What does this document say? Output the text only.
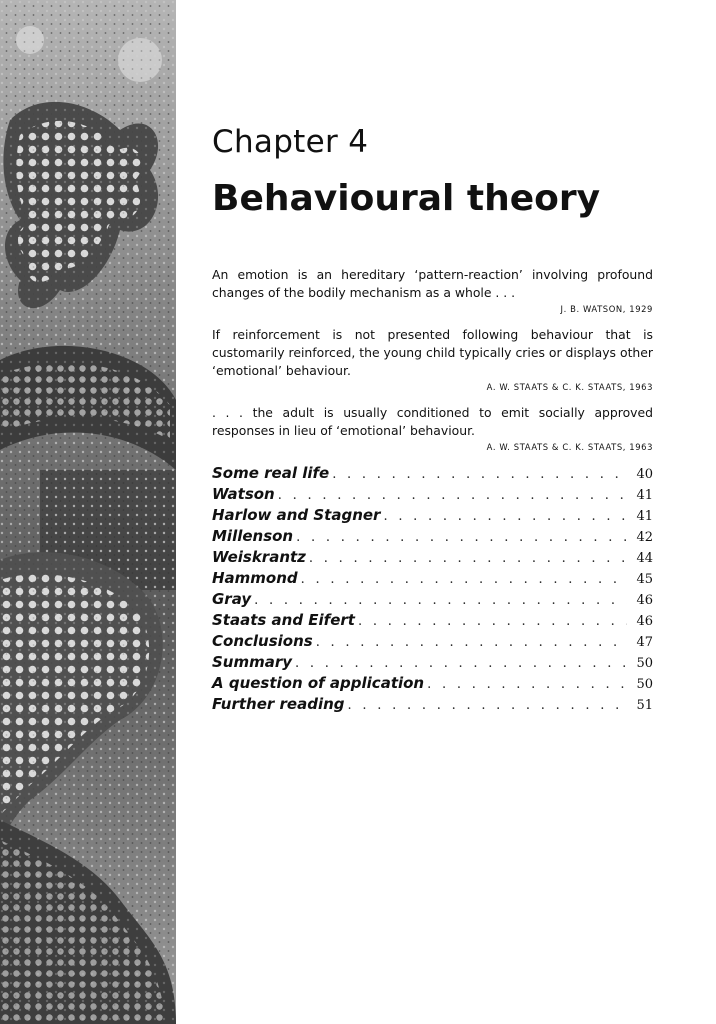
Chapter 4
Behavioural theory

An emotion is an hereditary ‘pattern-reaction’ involving profound changes of the bodily mechanism as a whole . . .

J. B. WATSON, 1929

If reinforcement is not presented following behaviour that is customarily reinforced, the young child typically cries or displays other ‘emotional’ behaviour.

A. W. STAATS & C. K. STAATS, 1963

. . . the adult is usually conditioned to emit socially approved responses in lieu of ‘emotional’ behaviour.

A. W. STAATS & C. K. STAATS, 1963

Some real life . . .	40
Watson . . .	41
Harlow and Stagner . . .	41
Millenson . . .	42
Weiskrantz . . .	44
Hammond . . .	45
Gray . . .	46
Staats and Eifert . . .	46
Conclusions . . .	47
Summary . . .	50
A question of application . . .	50
Further reading . . .	51
